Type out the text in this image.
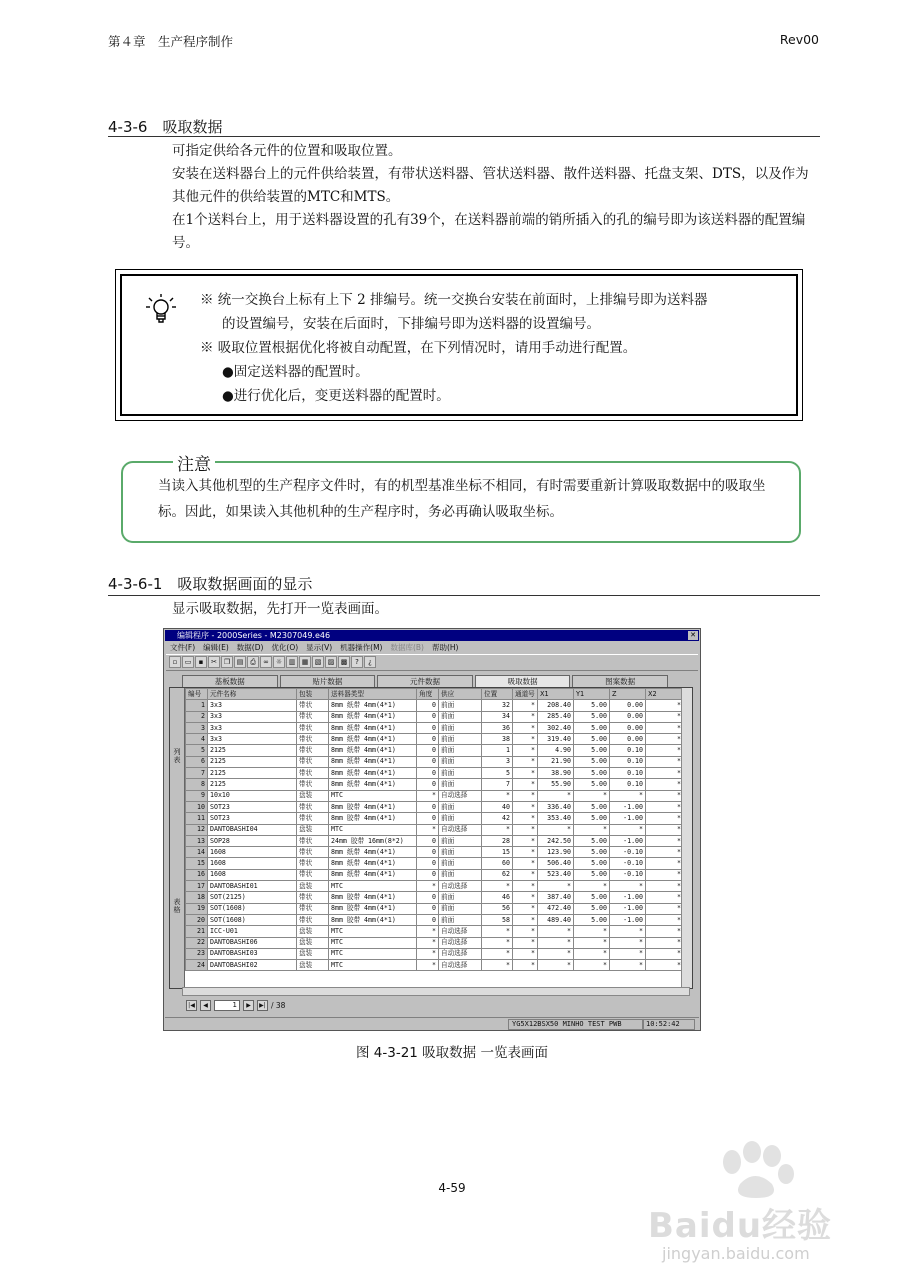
第４章　生产程序制作	Rev00
4-3-6　吸取数据

可指定供给各元件的位置和吸取位置。

安装在送料器台上的元件供给装置，有带状送料器、管状送料器、散件送料器、托盘支架、DTS，以及作为其他元件的供给装置的MTC和MTS。

在1个送料台上，用于送料器设置的孔有39个，在送料器前端的销所插入的孔的编号即为该送料器的配置编号。

※ 统一交换台上标有上下 2 排编号。统一交换台安装在前面时，上排编号即为送料器
的设置编号，安装在后面时，下排编号即为送料器的设置编号。
※ 吸取位置根据优化将被自动配置，在下列情况时，请用手动进行配置。
●固定送料器的配置时。
●进行优化后，变更送料器的配置时。
注意
当读入其他机型的生产程序文件时，有的机型基准坐标不相同，有时需要重新计算吸取数据中的吸取坐标。因此，如果读入其他机种的生产程序时，务必再确认吸取坐标。
4-3-6-1　吸取数据画面的显示
显示吸取数据，先打开一览表画面。
编辑程序 - 2000Series - M2307049.e46	✕
文件(F) 编辑(E) 数据(D) 优化(O) 显示(V) 机器操作(M) 数据库(B) 帮助(H)
▫	▭	▪	✂ ❐ ▤ ⎙	∞ ☼ ▥ ▦ ▧ ▨ ▩	?	¿
基板数据	贴片数据	元件数据	吸取数据	图案数据
列表
表格
编号	元件名称	包装	送料器类型	角度	供应	位置	通道号	X1	Y1	Z	X2
1	3x3	带状	8mm 纸带 4mm(4*1)	0	前面	32	*	208.40	5.00	0.00	*
2	3x3	带状	8mm 纸带 4mm(4*1)	0	前面	34	*	285.40	5.00	0.00	*
3	3x3	带状	8mm 纸带 4mm(4*1)	0	前面	36	*	302.40	5.00	0.00	*
4	3x3	带状	8mm 纸带 4mm(4*1)	0	前面	38	*	319.40	5.00	0.00	*
5	2125	带状	8mm 纸带 4mm(4*1)	0	前面	1	*	4.90	5.00	0.10	*
6	2125	带状	8mm 纸带 4mm(4*1)	0	前面	3	*	21.90	5.00	0.10	*
7	2125	带状	8mm 纸带 4mm(4*1)	0	前面	5	*	38.90	5.00	0.10	*
8	2125	带状	8mm 纸带 4mm(4*1)	0	前面	7	*	55.90	5.00	0.10	*
9	10x10	盘装	MTC	*	自动选择	*	*	*	*	*	*
10	SOT23	带状	8mm 胶带 4mm(4*1)	0	前面	40	*	336.40	5.00	-1.00	*
11	SOT23	带状	8mm 胶带 4mm(4*1)	0	前面	42	*	353.40	5.00	-1.00	*
12	DANTOBASHI04	盘装	MTC	*	自动选择	*	*	*	*	*	*
13	SOP28	带状	24mm 胶带 16mm(8*2)	0	前面	28	*	242.50	5.00	-1.00	*
14	1608	带状	8mm 纸带 4mm(4*1)	0	前面	15	*	123.90	5.00	-0.10	*
15	1608	带状	8mm 纸带 4mm(4*1)	0	前面	60	*	506.40	5.00	-0.10	*
16	1608	带状	8mm 纸带 4mm(4*1)	0	前面	62	*	523.40	5.00	-0.10	*
17	DANTOBASHI01	盘装	MTC	*	自动选择	*	*	*	*	*	*
18	SOT(2125)	带状	8mm 胶带 4mm(4*1)	0	前面	46	*	387.40	5.00	-1.00	*
19	SOT(1608)	带状	8mm 胶带 4mm(4*1)	0	前面	56	*	472.40	5.00	-1.00	*
20	SOT(1608)	带状	8mm 胶带 4mm(4*1)	0	前面	58	*	489.40	5.00	-1.00	*
21	ICC-U01	盘装	MTC	*	自动选择	*	*	*	*	*	*
22	DANTOBASHI06	盘装	MTC	*	自动选择	*	*	*	*	*	*
23	DANTOBASHI03	盘装	MTC	*	自动选择	*	*	*	*	*	*
24	DANTOBASHI02	盘装	MTC	*	自动选择	*	*	*	*	*	*
|◀	◀	1	▶	▶| / 38
YG5X12BSX50 MINHO TEST PWB	10:52:42
图 4-3-21 吸取数据 一览表画面
4-59
Baidu经验
jingyan.baidu.com
